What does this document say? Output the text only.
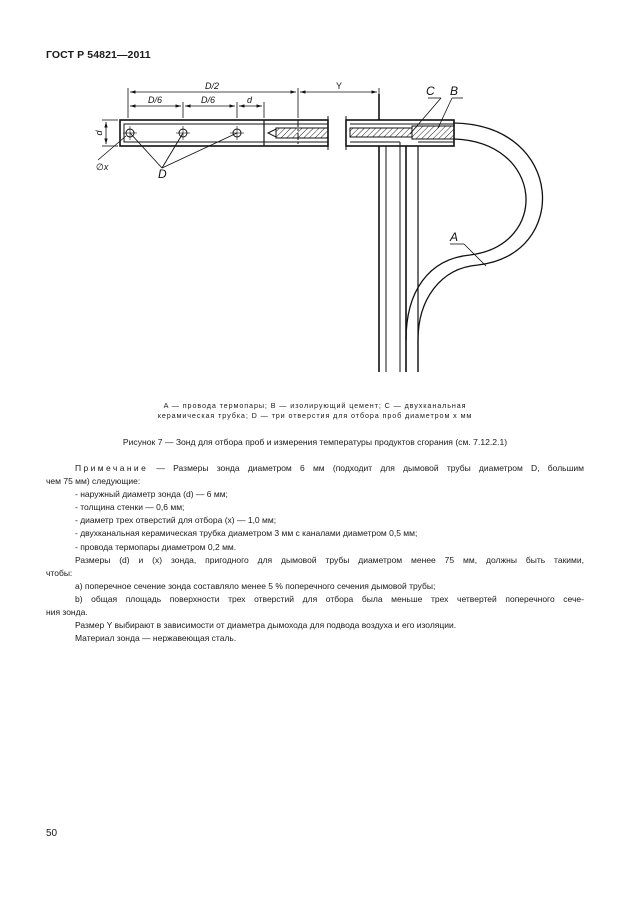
ГОСТ Р 54821—2011
D/2	Y
D/6	D/6	d
d
∅x
C B
A
D
A — провода термопары; B — изолирующий цемент; C — двухканальная
керамическая трубка; D — три отверстия для отбора проб диаметром x мм
Рисунок 7 — Зонд для отбора проб и измерения температуры продуктов сгорания (см. 7.12.2.1)

Примечание — Размеры зонда диаметром 6 мм (подходит для дымовой трубы диаметром D, большим

чем 75 мм) следующие:

- наружный диаметр зонда (d) — 6 мм;

- толщина стенки — 0,6 мм;

- диаметр трех отверстий для отбора (x) — 1,0 мм;

- двухканальная керамическая трубка диаметром 3 мм с каналами диаметром 0,5 мм;

- провода термопары диаметром 0,2 мм.

Размеры (d) и (x) зонда, пригодного для дымовой трубы диаметром менее 75 мм, должны быть такими,

чтобы:

а) поперечное сечение зонда составляло менее 5 % поперечного сечения дымовой трубы;

b) общая площадь поверхности трех отверстий для отбора была меньше трех четвертей поперечного сече-

ния зонда.

Размер Y выбирают в зависимости от диаметра дымохода для подвода воздуха и его изоляции.

Материал зонда — нержавеющая сталь.

50
